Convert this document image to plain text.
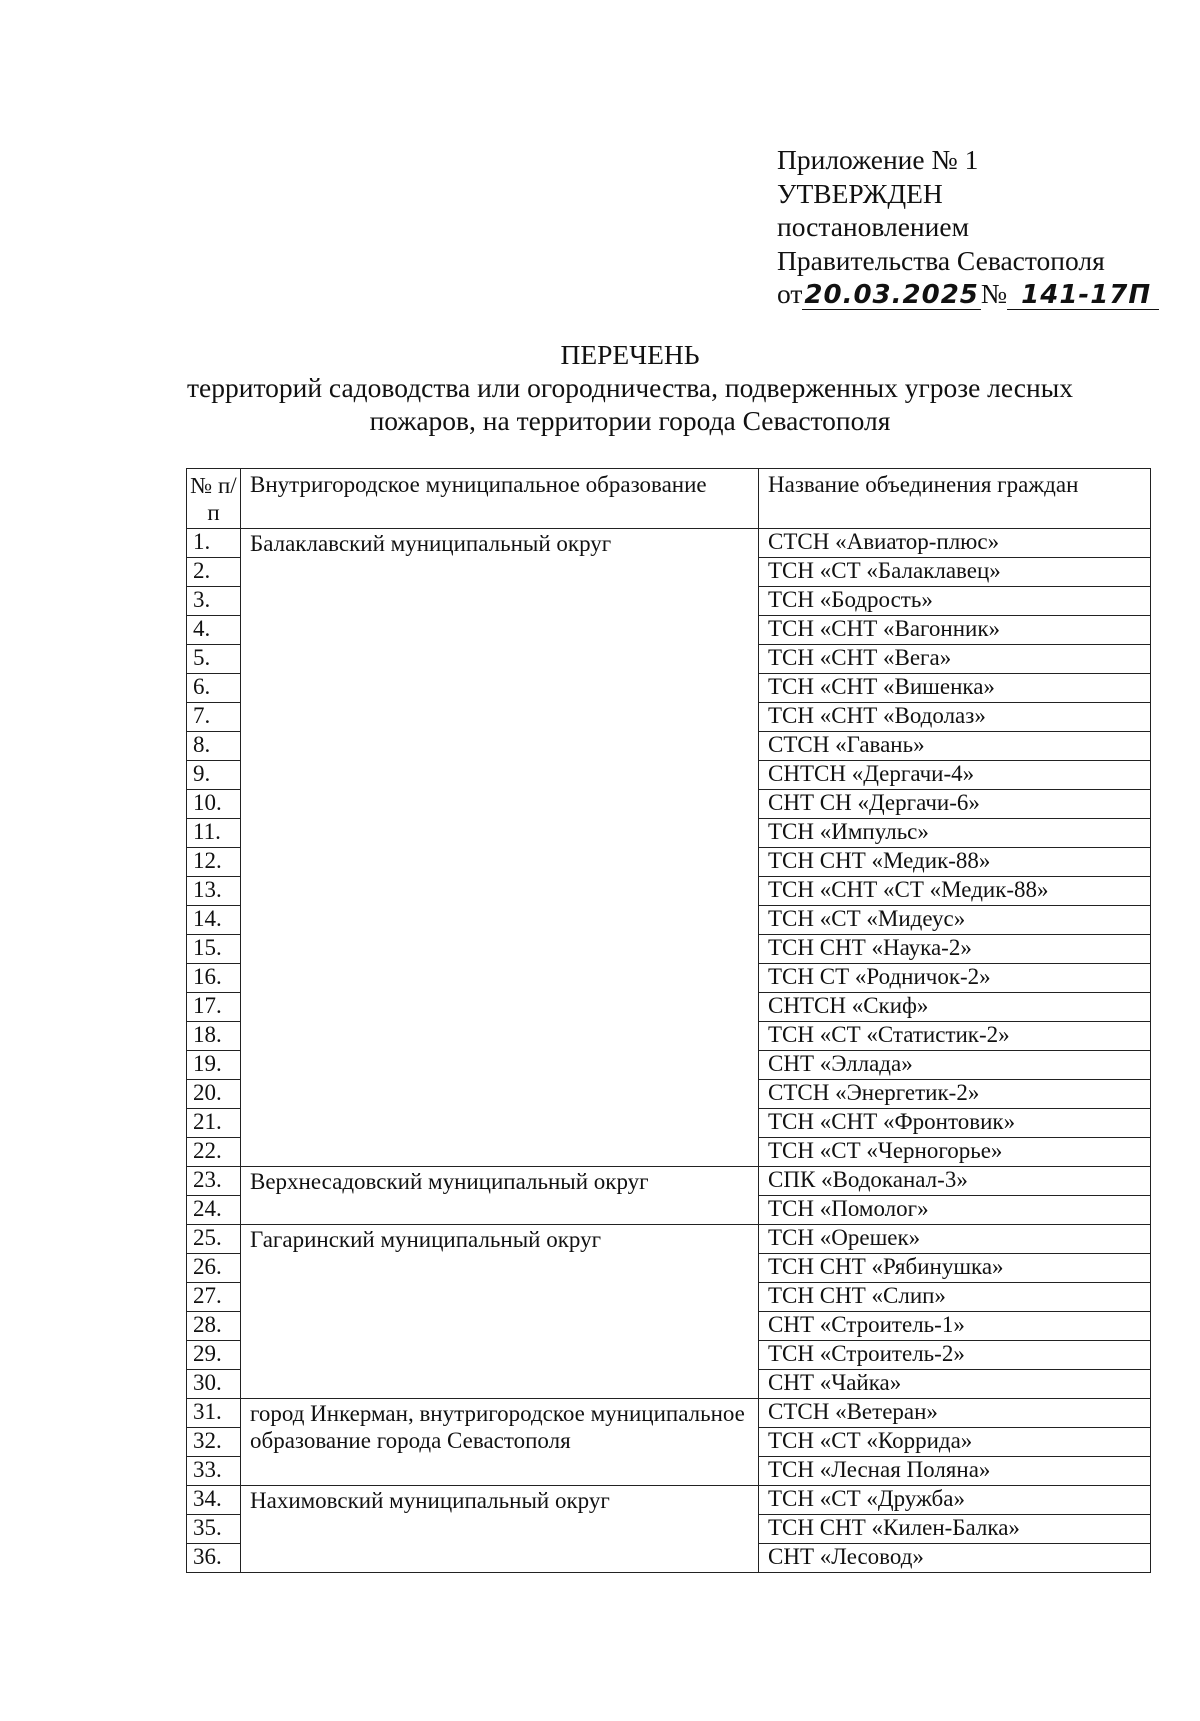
Приложение № 1
УТВЕРЖДЕН
постановлением
Правительства Севастополя
от20.03.2025№ 141-17П
ПЕРЕЧЕНЬ
территорий садоводства или огородничества, подверженных угрозе лесных пожаров, на территории города Севастополя
№ п/п	Внутригородское муниципальное образование	Название объединения граждан
1.	Балаклавский муниципальный округ	СТСН «Авиатор-плюс»
2.		ТСН «СТ «Балаклавец»
3.		ТСН «Бодрость»
4.		ТСН «СНТ «Вагонник»
5.		ТСН «СНТ «Вега»
6.		ТСН «СНТ «Вишенка»
7.		ТСН «СНТ «Водолаз»
8.		СТСН «Гавань»
9.		СНТСН «Дергачи-4»
10.		СНТ СН «Дергачи-6»
11.		ТСН «Импульс»
12.		ТСН СНТ «Медик-88»
13.		ТСН «СНТ «СТ «Медик-88»
14.		ТСН «СТ «Мидеус»
15.		ТСН СНТ «Наука-2»
16.		ТСН СТ «Родничок-2»
17.		СНТСН «Скиф»
18.		ТСН «СТ «Статистик-2»
19.		СНТ «Эллада»
20.		СТСН «Энергетик-2»
21.		ТСН «СНТ «Фронтовик»
22.		ТСН «СТ «Черногорье»
23.	Верхнесадовский муниципальный округ	СПК «Водоканал-3»
24.		ТСН «Помолог»
25.	Гагаринский муниципальный округ	ТСН «Орешек»
26.		ТСН СНТ «Рябинушка»
27.		ТСН СНТ «Слип»
28.		СНТ «Строитель-1»
29.		ТСН «Строитель-2»
30.		СНТ «Чайка»
31.	город Инкерман, внутригородское муниципальное образование города Севастополя	СТСН «Ветеран»
32.		ТСН «СТ «Коррида»
33.		ТСН «Лесная Поляна»
34.	Нахимовский муниципальный округ	ТСН «СТ «Дружба»
35.		ТСН СНТ «Килен-Балка»
36.		СНТ «Лесовод»
